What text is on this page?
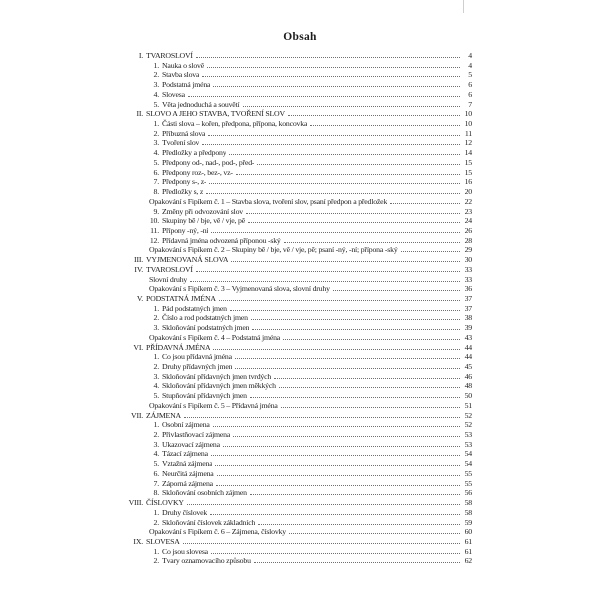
Obsah
I. TVAROSLOVÍ	4
1. Nauka o slově	4
2. Stavba slova	5
3. Podstatná jména	6
4. Slovesa	6
5. Věta jednoduchá a souvětí	7
II. SLOVO A JEHO STAVBA, TVOŘENÍ SLOV	10
1. Části slova – kořen, předpona, přípona, koncovka	10
2. Příbuzná slova	11
3. Tvoření slov	12
4. Předložky a předpony	14
5. Předpony od-, nad-, pod-, před-	15
6. Předpony roz-, bez-, vz-	15
7. Předpony s-, z-	16
8. Předložky s, z	20
Opakování s Fipíkem č. 1 – Stavba slova, tvoření slov, psaní předpon a předložek	22
9. Změny při odvozování slov	23
10. Skupiny bě / bje, vě / vje, pě	24
11. Přípony -ný, -ní	26
12. Přídavná jména odvozená příponou -ský	28
Opakování s Fipíkem č. 2 – Skupiny bě / bje, vě / vje, pě; psaní -ný, -ní; přípona -ský	29
III. VYJMENOVANÁ SLOVA	30
IV. TVAROSLOVÍ	33
Slovní druhy	33
Opakování s Fipíkem č. 3 – Vyjmenovaná slova, slovní druhy	36
V. PODSTATNÁ JMÉNA	37
1. Pád podstatných jmen	37
2. Číslo a rod podstatných jmen	38
3. Skloňování podstatných jmen	39
Opakování s Fipíkem č. 4 – Podstatná jména	43
VI. PŘÍDAVNÁ JMÉNA	44
1. Co jsou přídavná jména	44
2. Druhy přídavných jmen	45
3. Skloňování přídavných jmen tvrdých	46
4. Skloňování přídavných jmen měkkých	48
5. Stupňování přídavných jmen	50
Opakování s Fipíkem č. 5 – Přídavná jména	51
VII. ZÁJMENA	52
1. Osobní zájmena	52
2. Přivlastňovací zájmena	53
3. Ukazovací zájmena	53
4. Tázací zájmena	54
5. Vztažná zájmena	54
6. Neurčitá zájmena	55
7. Záporná zájmena	55
8. Skloňování osobních zájmen	56
VIII. ČÍSLOVKY	58
1. Druhy číslovek	58
2. Skloňování číslovek základních	59
Opakování s Fipíkem č. 6 – Zájmena, číslovky	60
IX. SLOVESA	61
1. Co jsou slovesa	61
2. Tvary oznamovacího způsobu	62
